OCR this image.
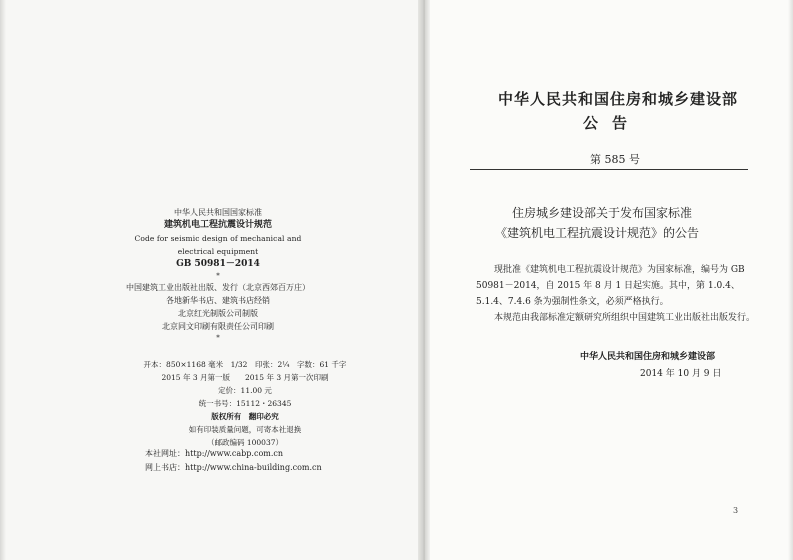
中华人民共和国国家标准
建筑机电工程抗震设计规范
Code for seismic design of mechanical and
electrical equipment
GB 50981－2014
*
中国建筑工业出版社出版、发行（北京西郊百万庄）
各地新华书店、建筑书店经销
北京红光制版公司制版
北京同文印刷有限责任公司印刷
*
开本：850×1168 毫米　1/32　印张：2¼　字数：61 千字
2015 年 3 月第一版　　2015 年 3 月第一次印刷
定价：11.00 元
统一书号：15112・26345
版权所有　翻印必究
如有印装质量问题，可寄本社退换
（邮政编码 100037）
本社网址：http://www.cabp.com.cn
网上书店：http://www.china-building.com.cn
中华人民共和国住房和城乡建设部
公告
第 585 号
住房城乡建设部关于发布国家标准
《建筑机电工程抗震设计规范》的公告

现批准《建筑机电工程抗震设计规范》为国家标准，编号为 GB 50981－2014，自 2015 年 8 月 1 日起实施。其中，第 1.0.4、5.1.4、7.4.6 条为强制性条文，必须严格执行。

本规范由我部标准定额研究所组织中国建筑工业出版社出版发行。

中华人民共和国住房和城乡建设部
2014 年 10 月 9 日
3
